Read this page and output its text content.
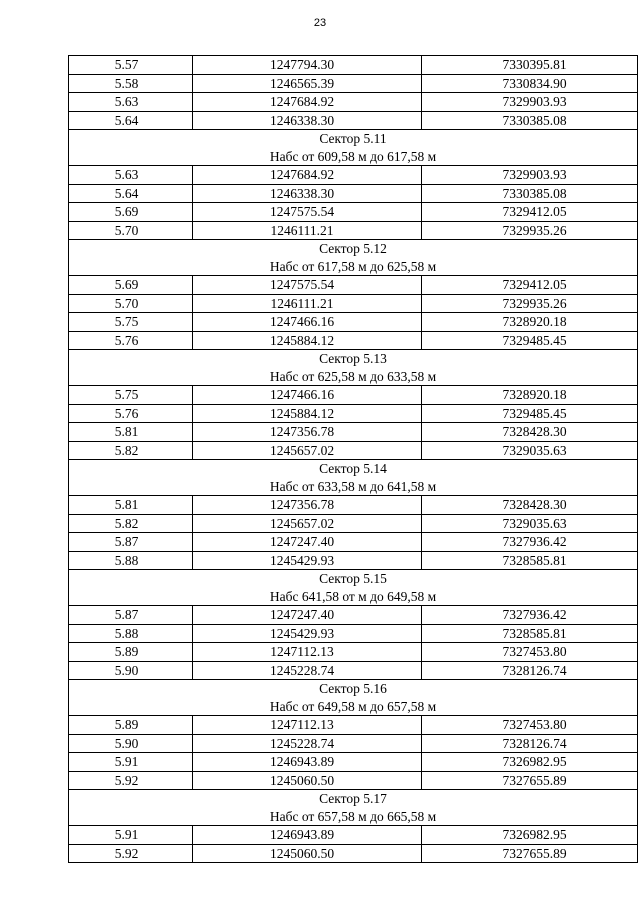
23
5.57	1247794.30	7330395.81
5.58	1246565.39	7330834.90
5.63	1247684.92	7329903.93
5.64	1246338.30	7330385.08
Сектор 5.11		
Набс от 609,58 м до 617,58 м		
5.63	1247684.92	7329903.93
5.64	1246338.30	7330385.08
5.69	1247575.54	7329412.05
5.70	1246111.21	7329935.26
Сектор 5.12		
Набс от 617,58 м до 625,58 м		
5.69	1247575.54	7329412.05
5.70	1246111.21	7329935.26
5.75	1247466.16	7328920.18
5.76	1245884.12	7329485.45
Сектор 5.13		
Набс от 625,58 м до 633,58 м		
5.75	1247466.16	7328920.18
5.76	1245884.12	7329485.45
5.81	1247356.78	7328428.30
5.82	1245657.02	7329035.63
Сектор 5.14		
Набс от 633,58 м до 641,58 м		
5.81	1247356.78	7328428.30
5.82	1245657.02	7329035.63
5.87	1247247.40	7327936.42
5.88	1245429.93	7328585.81
Сектор 5.15		
Набс 641,58 от м до 649,58 м		
5.87	1247247.40	7327936.42
5.88	1245429.93	7328585.81
5.89	1247112.13	7327453.80
5.90	1245228.74	7328126.74
Сектор 5.16		
Набс от 649,58 м до 657,58 м		
5.89	1247112.13	7327453.80
5.90	1245228.74	7328126.74
5.91	1246943.89	7326982.95
5.92	1245060.50	7327655.89
Сектор 5.17		
Набс от 657,58 м до 665,58 м		
5.91	1246943.89	7326982.95
5.92	1245060.50	7327655.89
